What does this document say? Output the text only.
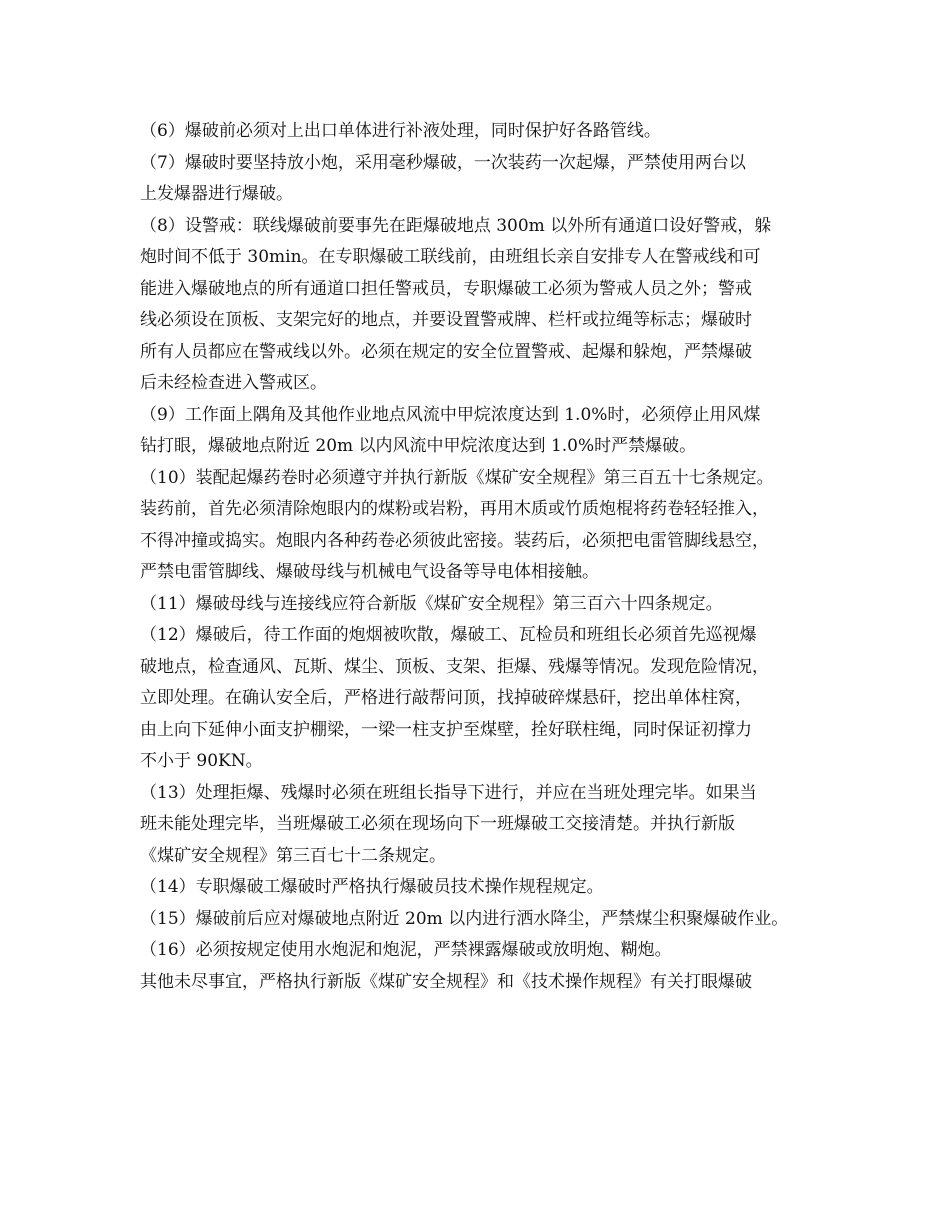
（6）爆破前必须对上出口单体进行补液处理，同时保护好各路管线。
（7）爆破时要坚持放小炮，采用毫秒爆破，一次装药一次起爆，严禁使用两台以
上发爆器进行爆破。
（8）设警戒：联线爆破前要事先在距爆破地点 300m 以外所有通道口设好警戒，躲
炮时间不低于 30min。在专职爆破工联线前，由班组长亲自安排专人在警戒线和可
能进入爆破地点的所有通道口担任警戒员，专职爆破工必须为警戒人员之外；警戒
线必须设在顶板、支架完好的地点，并要设置警戒牌、栏杆或拉绳等标志；爆破时
所有人员都应在警戒线以外。必须在规定的安全位置警戒、起爆和躲炮，严禁爆破
后未经检查进入警戒区。
（9）工作面上隅角及其他作业地点风流中甲烷浓度达到 1.0%时，必须停止用风煤
钻打眼，爆破地点附近 20m 以内风流中甲烷浓度达到 1.0%时严禁爆破。
（10）装配起爆药卷时必须遵守并执行新版《煤矿安全规程》第三百五十七条规定。
装药前，首先必须清除炮眼内的煤粉或岩粉，再用木质或竹质炮棍将药卷轻轻推入，
不得冲撞或捣实。炮眼内各种药卷必须彼此密接。装药后，必须把电雷管脚线悬空，
严禁电雷管脚线、爆破母线与机械电气设备等导电体相接触。
（11）爆破母线与连接线应符合新版《煤矿安全规程》第三百六十四条规定。
（12）爆破后，待工作面的炮烟被吹散，爆破工、瓦检员和班组长必须首先巡视爆
破地点，检查通风、瓦斯、煤尘、顶板、支架、拒爆、残爆等情况。发现危险情况，
立即处理。在确认安全后，严格进行敲帮问顶，找掉破碎煤悬矸，挖出单体柱窝，
由上向下延伸小面支护棚梁，一梁一柱支护至煤壁，拴好联柱绳，同时保证初撑力
不小于 90KN。
（13）处理拒爆、残爆时必须在班组长指导下进行，并应在当班处理完毕。如果当
班未能处理完毕，当班爆破工必须在现场向下一班爆破工交接清楚。并执行新版
《煤矿安全规程》第三百七十二条规定。
（14）专职爆破工爆破时严格执行爆破员技术操作规程规定。
（15）爆破前后应对爆破地点附近 20m 以内进行洒水降尘，严禁煤尘积聚爆破作业。
（16）必须按规定使用水炮泥和炮泥，严禁裸露爆破或放明炮、糊炮。
其他未尽事宜，严格执行新版《煤矿安全规程》和《技术操作规程》有关打眼爆破
